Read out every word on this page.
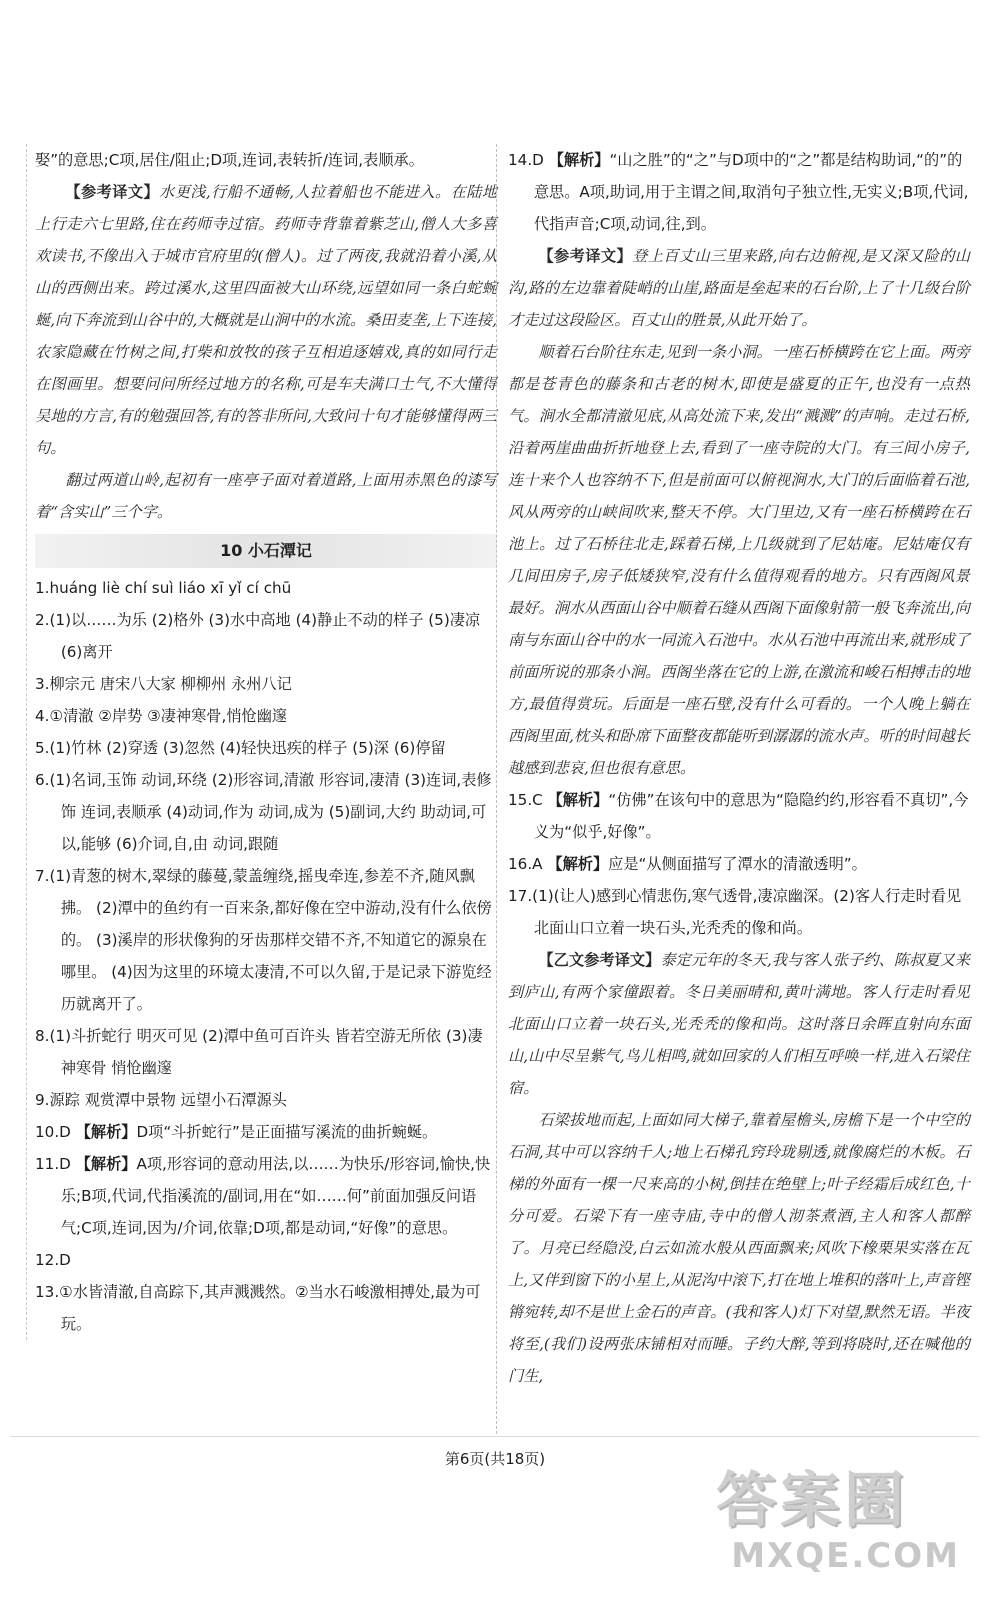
娶”的意思;C项,居住/阻止;D项,连词,表转折/连词,表顺承。

【参考译文】水更浅,行船不通畅,人拉着船也不能进入。在陆地上行走六七里路,住在药师寺过宿。药师寺背靠着紫芝山,僧人大多喜欢读书,不像出入于城市官府里的(僧人)。过了两夜,我就沿着小溪,从山的西侧出来。跨过溪水,这里四面被大山环绕,远望如同一条白蛇蜿蜒,向下奔流到山谷中的,大概就是山涧中的水流。桑田麦垄,上下连接,农家隐藏在竹树之间,打柴和放牧的孩子互相追逐嬉戏,真的如同行走在图画里。想要问问所经过地方的名称,可是车夫满口土气,不大懂得吴地的方言,有的勉强回答,有的答非所问,大致问十句才能够懂得两三句。

翻过两道山岭,起初有一座亭子面对着道路,上面用赤黑色的漆写着“含实山”三个字。

10 小石潭记

1.huáng liè chí suì liáo xī yǐ cí chū

2.(1)以……为乐 (2)格外 (3)水中高地 (4)静止不动的样子 (5)凄凉 (6)离开

3.柳宗元 唐宋八大家 柳柳州 永州八记

4.①清澈 ②岸势 ③凄神寒骨,悄怆幽邃

5.(1)竹林 (2)穿透 (3)忽然 (4)轻快迅疾的样子 (5)深 (6)停留

6.(1)名词,玉饰 动词,环绕 (2)形容词,清澈 形容词,凄清 (3)连词,表修饰 连词,表顺承 (4)动词,作为 动词,成为 (5)副词,大约 助动词,可以,能够 (6)介词,自,由 动词,跟随

7.(1)青葱的树木,翠绿的藤蔓,蒙盖缠绕,摇曳牵连,参差不齐,随风飘拂。 (2)潭中的鱼约有一百来条,都好像在空中游动,没有什么依傍的。 (3)溪岸的形状像狗的牙齿那样交错不齐,不知道它的源泉在哪里。 (4)因为这里的环境太凄清,不可以久留,于是记录下游览经历就离开了。

8.(1)斗折蛇行 明灭可见 (2)潭中鱼可百许头 皆若空游无所依 (3)凄神寒骨 悄怆幽邃

9.源踪 观赏潭中景物 远望小石潭源头

10.D 【解析】D项“斗折蛇行”是正面描写溪流的曲折蜿蜒。

11.D 【解析】A项,形容词的意动用法,以……为快乐/形容词,愉快,快乐;B项,代词,代指溪流的/副词,用在“如……何”前面加强反问语气;C项,连词,因为/介词,依靠;D项,都是动词,“好像”的意思。

12.D

13.①水皆清澈,自高踪下,其声溅溅然。②当水石峻激相搏处,最为可玩。

14.D 【解析】“山之胜”的“之”与D项中的“之”都是结构助词,“的”的意思。A项,助词,用于主谓之间,取消句子独立性,无实义;B项,代词,代指声音;C项,动词,往,到。

【参考译文】登上百丈山三里来路,向右边俯视,是又深又险的山沟,路的左边靠着陡峭的山崖,路面是垒起来的石台阶,上了十几级台阶才走过这段险区。百丈山的胜景,从此开始了。

顺着石台阶往东走,见到一条小洞。一座石桥横跨在它上面。两旁都是苍青色的藤条和古老的树木,即使是盛夏的正午,也没有一点热气。涧水全都清澈见底,从高处流下来,发出“溅溅”的声响。走过石桥,沿着两崖曲曲折折地登上去,看到了一座寺院的大门。有三间小房子,连十来个人也容纳不下,但是前面可以俯视涧水,大门的后面临着石池,风从两旁的山峡间吹来,整天不停。大门里边,又有一座石桥横跨在石池上。过了石桥往北走,踩着石梯,上几级就到了尼姑庵。尼姑庵仅有几间田房子,房子低矮狭窄,没有什么值得观看的地方。只有西阁风景最好。涧水从西面山谷中顺着石缝从西阁下面像射箭一般飞奔流出,向南与东面山谷中的水一同流入石池中。水从石池中再流出来,就形成了前面所说的那条小涧。西阁坐落在它的上游,在激流和峻石相搏击的地方,最值得赏玩。后面是一座石壁,没有什么可看的。一个人晚上躺在西阁里面,枕头和卧席下面整夜都能听到潺潺的流水声。听的时间越长越感到悲哀,但也很有意思。

15.C 【解析】“仿佛”在该句中的意思为“隐隐约约,形容看不真切”,今义为“似乎,好像”。

16.A 【解析】应是“从侧面描写了潭水的清澈透明”。

17.(1)(让人)感到心情悲伤,寒气透骨,凄凉幽深。(2)客人行走时看见北面山口立着一块石头,光秃秃的像和尚。

【乙文参考译文】泰定元年的冬天,我与客人张子约、陈叔夏又来到庐山,有两个家僮跟着。冬日美丽晴和,黄叶满地。客人行走时看见北面山口立着一块石头,光秃秃的像和尚。这时落日余晖直射向东面山,山中尽呈紫气,鸟儿相鸣,就如回家的人们相互呼唤一样,进入石梁住宿。

石梁拔地而起,上面如同大梯子,靠着屋檐头,房檐下是一个中空的石洞,其中可以容纳千人;地上石梯孔窍玲珑剔透,就像腐烂的木板。石梯的外面有一棵一尺来高的小树,倒挂在绝壁上;叶子经霜后成红色,十分可爱。石梁下有一座寺庙,寺中的僧人沏茶煮酒,主人和客人都醉了。月亮已经隐没,白云如流水般从西面飘来;风吹下橡栗果实落在瓦上,又伴到窗下的小星上,从泥沟中滚下,打在地上堆积的落叶上,声音铿锵宛转,却不是世上金石的声音。(我和客人)灯下对望,默然无语。半夜将至,(我们)设两张床铺相对而睡。子约大醉,等到将晓时,还在喊他的门生,

第6页(共18页)
答案圈
MXQE.COM
